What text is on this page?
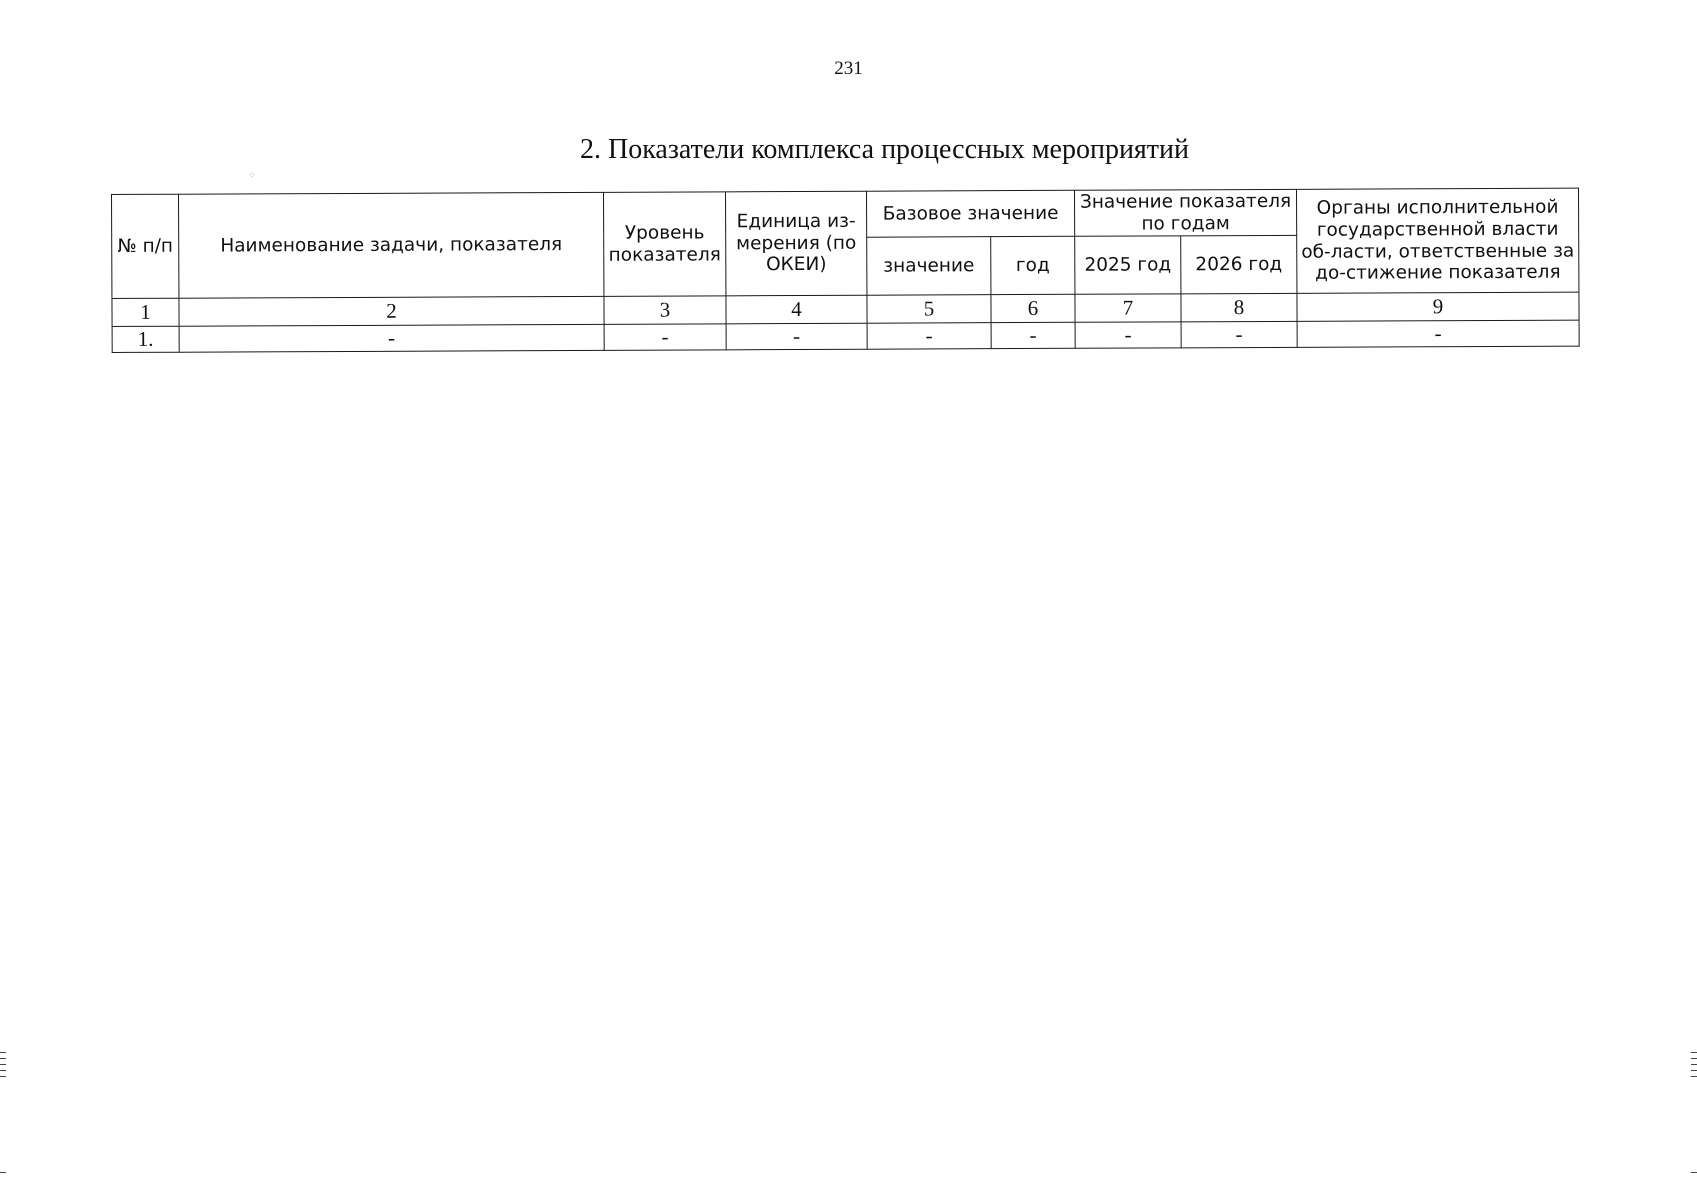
231
2. Показатели комплекса процессных мероприятий
⁘
№ п/п	Наименование задачи, показателя	Уровень показателя	Единица из-мерения (по ОКЕИ)	Базовое значение		Значение показателя по годам		Органы исполнительной государственной власти об-ласти, ответственные за до-стижение показателя
				значение	год	2025 год	2026 год	
1	2	3	4	5	6	7	8	9
1.	-	-	-	-	-	-	-	-
